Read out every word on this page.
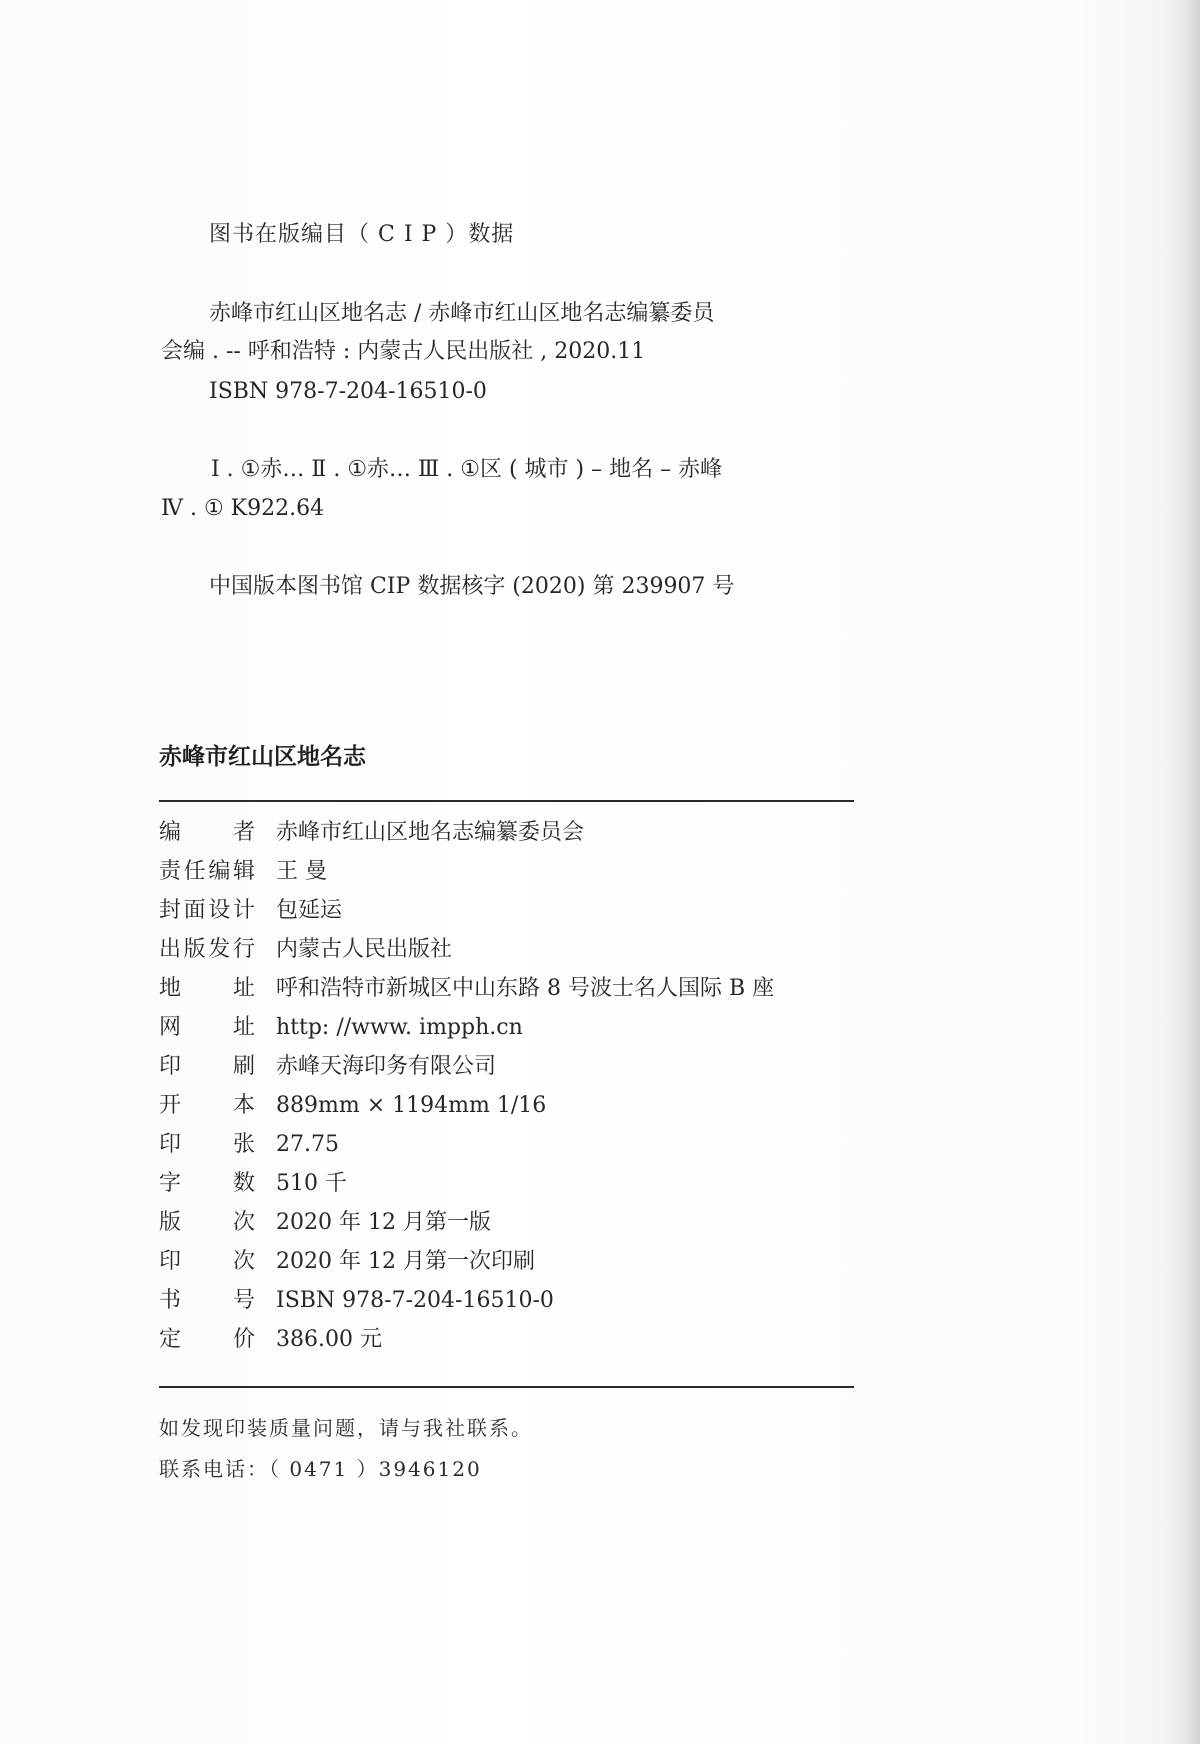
图书在版编目（ C I P ）数据
赤峰市红山区地名志 / 赤峰市红山区地名志编纂委员
会编 . -- 呼和浩特 : 内蒙古人民出版社 , 2020.11
ISBN 978-7-204-16510-0
Ⅰ . ①赤… Ⅱ . ①赤… Ⅲ . ①区 ( 城市 ) – 地名 – 赤峰
Ⅳ . ① K922.64
中国版本图书馆 CIP 数据核字 (2020) 第 239907 号
赤峰市红山区地名志
编者 赤峰市红山区地名志编纂委员会
责任编辑 王 曼
封面设计 包延运
出版发行 内蒙古人民出版社
地址 呼和浩特市新城区中山东路 8 号波士名人国际 B 座
网址 http: //www. impph.cn
印刷 赤峰天海印务有限公司
开本 889mm × 1194mm 1/16
印张 27.75
字数 510 千
版次 2020 年 12 月第一版
印次 2020 年 12 月第一次印刷
书号 ISBN 978-7-204-16510-0
定价 386.00 元
如发现印装质量问题，请与我社联系。
联系电话：（ 0471 ）3946120
